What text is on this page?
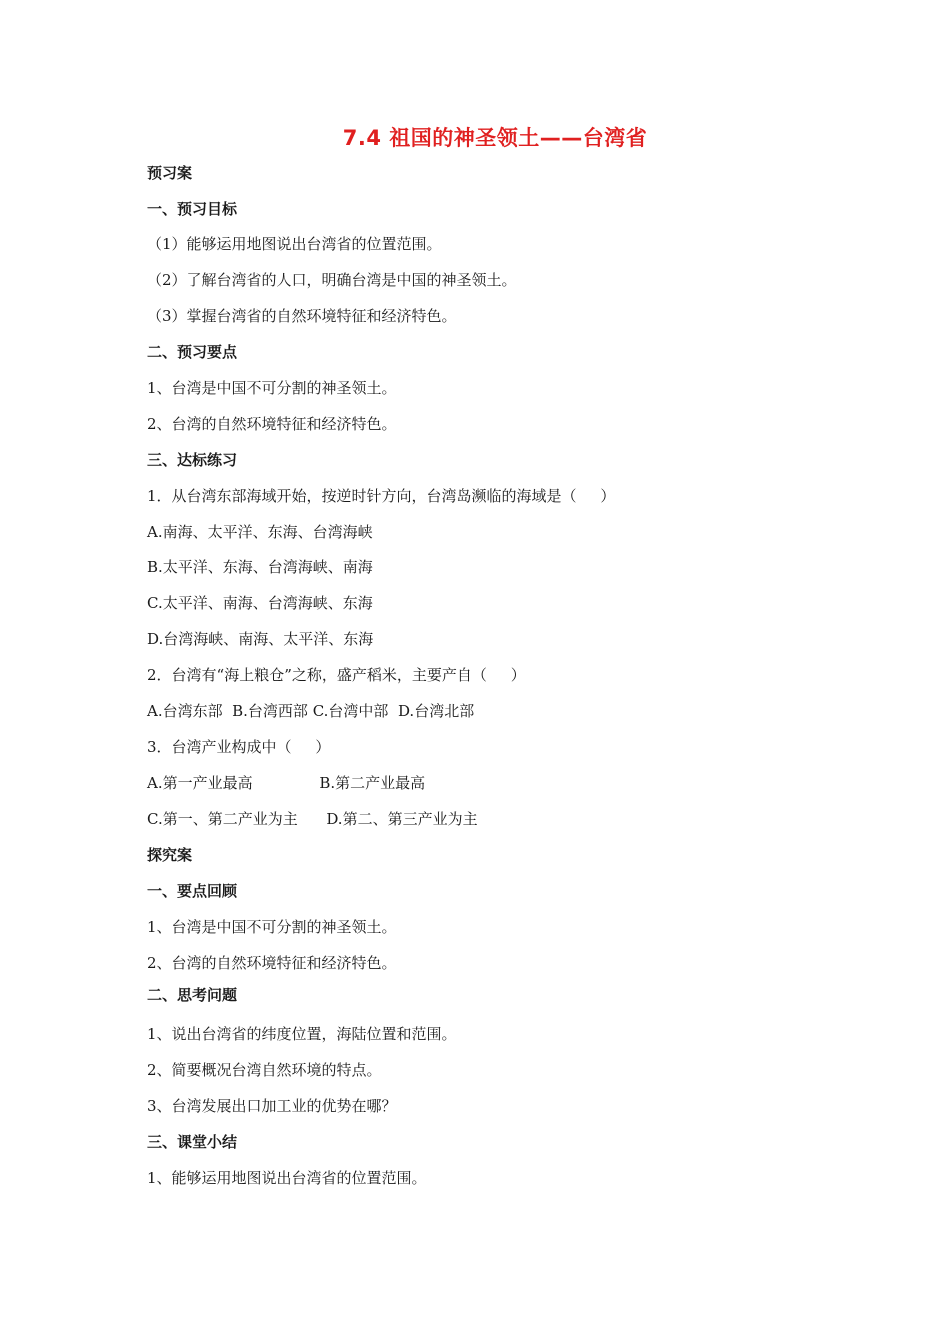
7.4 祖国的神圣领土——台湾省
预习案
一、预习目标
（1）能够运用地图说出台湾省的位置范围。
（2）了解台湾省的人口，明确台湾是中国的神圣领土。
（3）掌握台湾省的自然环境特征和经济特色。
二、预习要点
1、台湾是中国不可分割的神圣领土。
2、台湾的自然环境特征和经济特色。
三、达标练习
1．从台湾东部海域开始，按逆时针方向，台湾岛濒临的海域是（     ）
A.南海、太平洋、东海、台湾海峡
B.太平洋、东海、台湾海峡、南海
C.太平洋、南海、台湾海峡、东海
D.台湾海峡、南海、太平洋、东海
2．台湾有“海上粮仓”之称，盛产稻米，主要产自（     ）
A.台湾东部  B.台湾西部 C.台湾中部  D.台湾北部
3．台湾产业构成中（     ）
A.第一产业最高              B.第二产业最高
C.第一、第二产业为主      D.第二、第三产业为主
探究案
一、要点回顾
1、台湾是中国不可分割的神圣领土。
2、台湾的自然环境特征和经济特色。
二、思考问题
1、说出台湾省的纬度位置，海陆位置和范围。
2、简要概况台湾自然环境的特点。
3、台湾发展出口加工业的优势在哪？
三、课堂小结
1、能够运用地图说出台湾省的位置范围。
